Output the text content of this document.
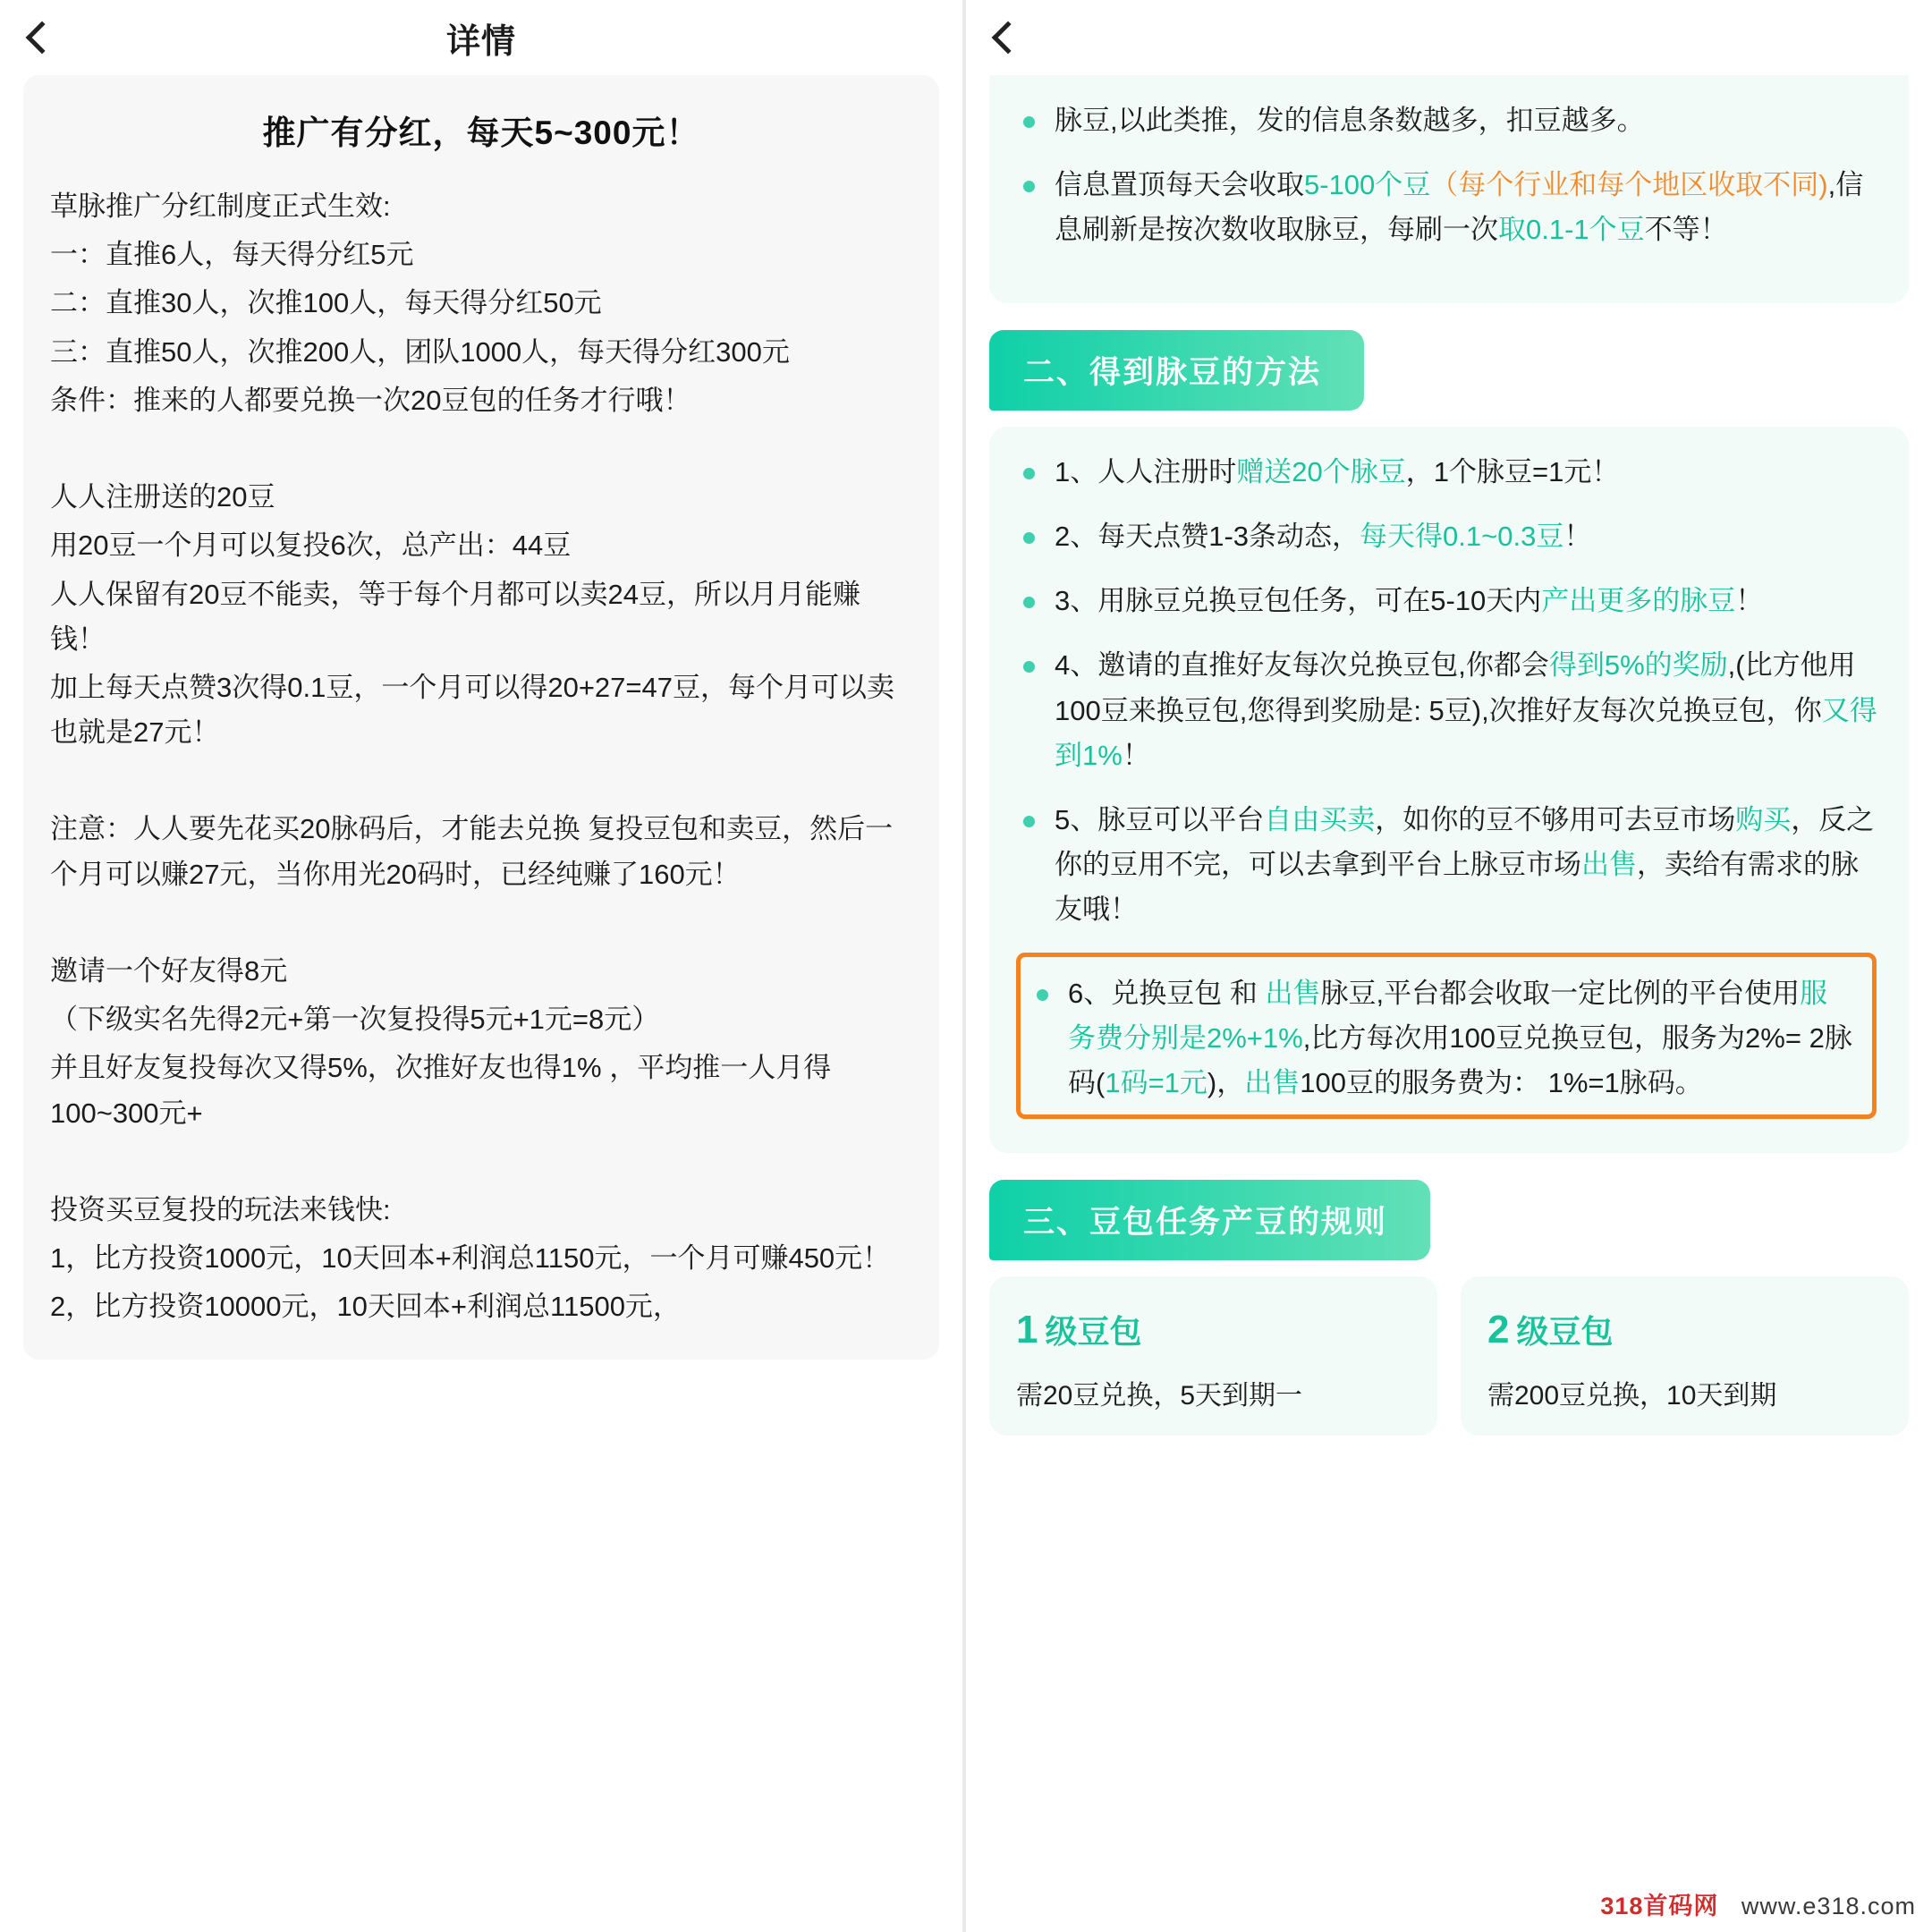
详情
推广有分红，每天5~300元！
草脉推广分红制度正式生效:
一：直推6人，每天得分红5元
二：直推30人，次推100人，每天得分红50元
三：直推50人，次推200人，团队1000人，每天得分红300元
条件：推来的人都要兑换一次20豆包的任务才行哦！
人人注册送的20豆
用20豆一个月可以复投6次，总产出：44豆
人人保留有20豆不能卖，等于每个月都可以卖24豆，所以月月能赚钱！
加上每天点赞3次得0.1豆，一个月可以得20+27=47豆，每个月可以卖也就是27元！
注意：人人要先花买20脉码后，才能去兑换 复投豆包和卖豆，然后一个月可以赚27元，当你用光20码时，已经纯赚了160元！
邀请一个好友得8元
（下级实名先得2元+第一次复投得5元+1元=8元）
并且好友复投每次又得5%，次推好友也得1% ，平均推一人月得100~300元+
投资买豆复投的玩法来钱快:
1，比方投资1000元，10天回本+利润总1150元，一个月可赚450元！
2，比方投资10000元，10天回本+利润总11500元，
脉豆,以此类推，发的信息条数越多，扣豆越多。
信息置顶每天会收取5-100个豆（每个行业和每个地区收取不同),信息刷新是按次数收取脉豆，每刷一次取0.1-1个豆不等！
二、得到脉豆的方法
1、人人注册时赠送20个脉豆，1个脉豆=1元！
2、每天点赞1-3条动态，每天得0.1~0.3豆！
3、用脉豆兑换豆包任务，可在5-10天内产出更多的脉豆！
4、邀请的直推好友每次兑换豆包,你都会得到5%的奖励,(比方他用100豆来换豆包,您得到奖励是: 5豆),次推好友每次兑换豆包，你又得到1%！
5、脉豆可以平台自由买卖，如你的豆不够用可去豆市场购买，反之你的豆用不完，可以去拿到平台上脉豆市场出售，卖给有需求的脉友哦！
6、兑换豆包 和 出售脉豆,平台都会收取一定比例的平台使用服务费分别是2%+1%,比方每次用100豆兑换豆包，服务为2%= 2脉码(1码=1元)，出售100豆的服务费为： 1%=1脉码。
三、豆包任务产豆的规则
1 级豆包
需20豆兑换，5天到期一
2 级豆包
需200豆兑换，10天到期
318首码网 www.e318.com
